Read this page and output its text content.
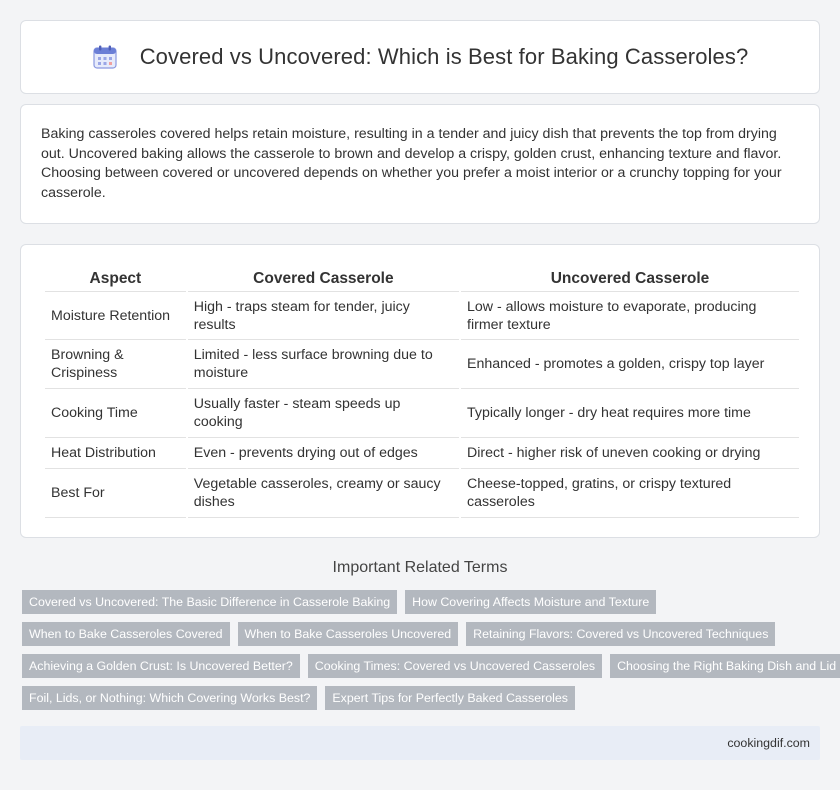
Covered vs Uncovered: Which is Best for Baking Casseroles?

Baking casseroles covered helps retain moisture, resulting in a tender and juicy dish that prevents the top from drying out. Uncovered baking allows the casserole to brown and develop a crispy, golden crust, enhancing texture and flavor. Choosing between covered or uncovered depends on whether you prefer a moist interior or a crunchy topping for your casserole.

Aspect	Covered Casserole	Uncovered Casserole
Moisture Retention	High - traps steam for tender, juicy results	Low - allows moisture to evaporate, producing firmer texture
Browning & Crispiness	Limited - less surface browning due to moisture	Enhanced - promotes a golden, crispy top layer
Cooking Time	Usually faster - steam speeds up cooking	Typically longer - dry heat requires more time
Heat Distribution	Even - prevents drying out of edges	Direct - higher risk of uneven cooking or drying
Best For	Vegetable casseroles, creamy or saucy dishes	Cheese-topped, gratins, or crispy textured casseroles
Important Related Terms
Covered vs Uncovered: The Basic Difference in Casserole Baking	How Covering Affects Moisture and Texture
When to Bake Casseroles Covered	When to Bake Casseroles Uncovered	Retaining Flavors: Covered vs Uncovered Techniques
Achieving a Golden Crust: Is Uncovered Better?	Cooking Times: Covered vs Uncovered Casseroles	Choosing the Right Baking Dish and Lid
Foil, Lids, or Nothing: Which Covering Works Best?	Expert Tips for Perfectly Baked Casseroles
cookingdif.com
